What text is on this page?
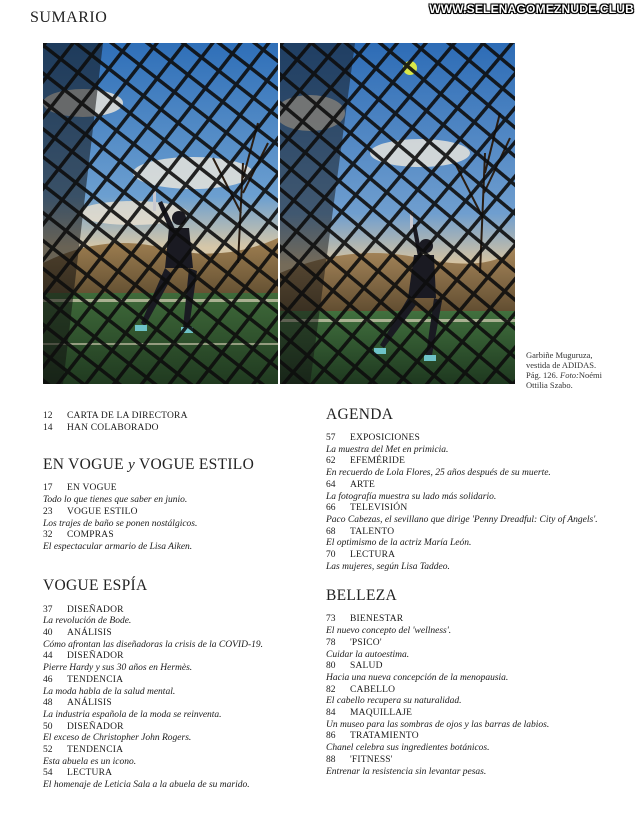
SUMARIO	WWW.SELENAGOMEZNUDE.CLUB
Garbiñe Muguruza,
vestida de ADIDAS.
Pág. 126. Foto:Noémi
Ottilia Szabo.
12	CARTA DE LA DIRECTORA
14	HAN COLABORADO
EN VOGUE y VOGUE ESTILO
17	EN VOGUE
Todo lo que tienes que saber en junio.
23	VOGUE ESTILO
Los trajes de baño se ponen nostálgicos.
32	COMPRAS
El espectacular armario de Lisa Aiken.
VOGUE ESPÍA
37	DISEÑADOR
La revolución de Bode.
40	ANÁLISIS
Cómo afrontan las diseñadoras la crisis de la COVID-19.
44	DISEÑADOR
Pierre Hardy y sus 30 años en Hermès.
46	TENDENCIA
La moda habla de la salud mental.
48	ANÁLISIS
La industria española de la moda se reinventa.
50	DISEÑADOR
El exceso de Christopher John Rogers.
52	TENDENCIA
Esta abuela es un icono.
54	LECTURA
El homenaje de Leticia Sala a la abuela de su marido.
AGENDA
57	EXPOSICIONES
La muestra del Met en primicia.
62	EFEMÉRIDE
En recuerdo de Lola Flores, 25 años después de su muerte.
64	ARTE
La fotografía muestra su lado más solidario.
66	TELEVISIÓN
Paco Cabezas, el sevillano que dirige 'Penny Dreadful: City of Angels'.
68	TALENTO
El optimismo de la actriz María León.
70	LECTURA
Las mujeres, según Lisa Taddeo.
BELLEZA
73	BIENESTAR
El nuevo concepto del 'wellness'.
78	'PSICO'
Cuidar la autoestima.
80	SALUD
Hacia una nueva concepción de la menopausia.
82	CABELLO
El cabello recupera su naturalidad.
84	MAQUILLAJE
Un museo para las sombras de ojos y las barras de labios.
86	TRATAMIENTO
Chanel celebra sus ingredientes botánicos.
88	'FITNESS'
Entrenar la resistencia sin levantar pesas.
